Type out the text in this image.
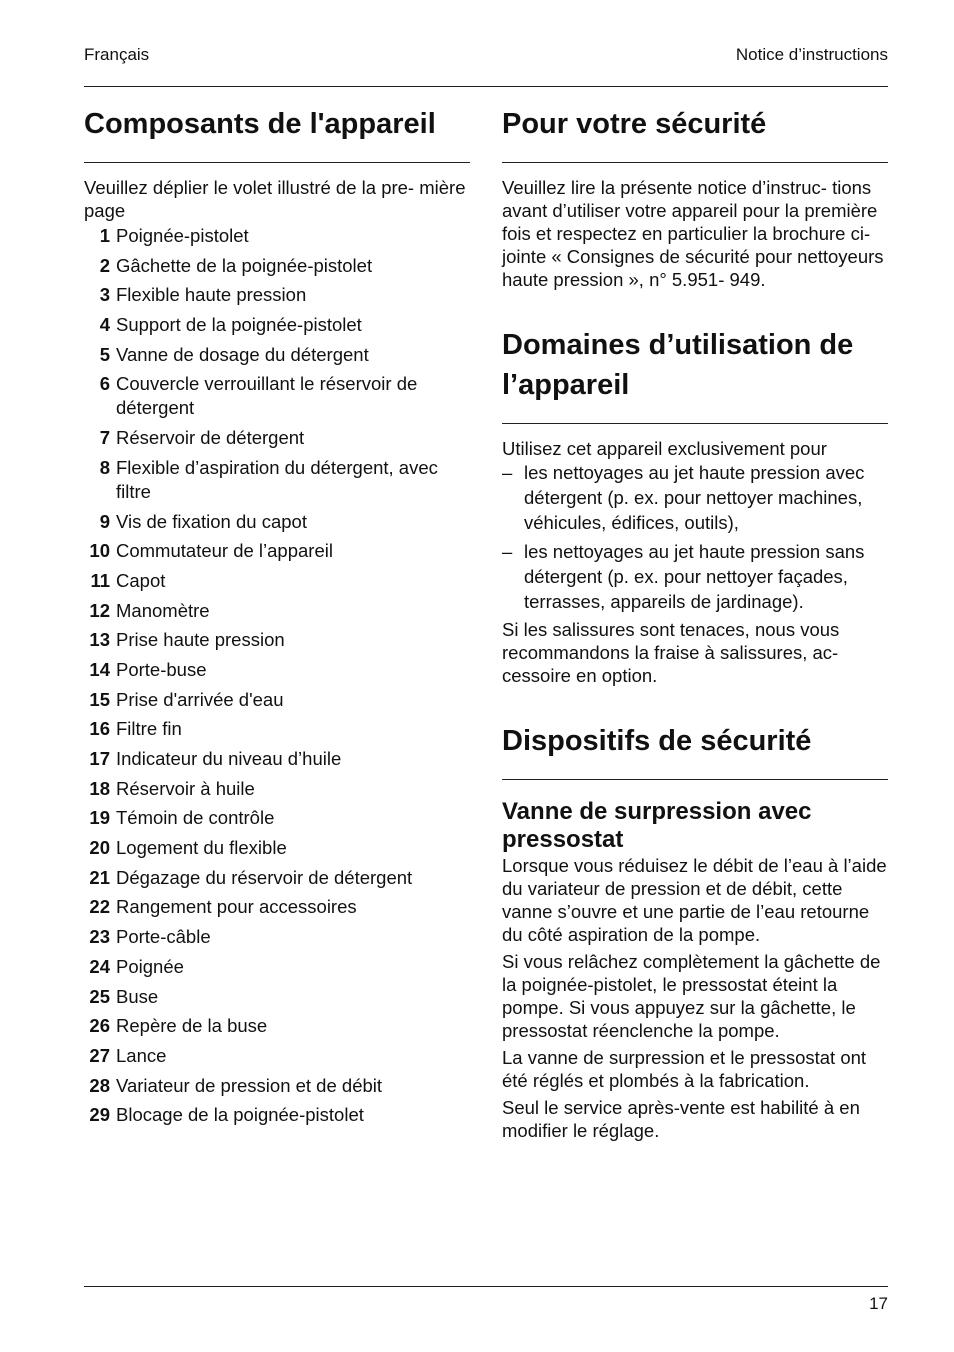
Français	Notice d’instructions
Composants de l'appareil

Veuillez déplier le volet illustré de la pre- mière page

1 Poignée-pistolet
2 Gâchette de la poignée-pistolet
3 Flexible haute pression
4 Support de la poignée-pistolet
5 Vanne de dosage du détergent
6 Couvercle verrouillant le réservoir de détergent
7 Réservoir de détergent
8 Flexible d’aspiration du détergent, avec filtre
9 Vis de fixation du capot
10 Commutateur de l’appareil
11 Capot
12 Manomètre
13 Prise haute pression
14 Porte-buse
15 Prise d'arrivée d'eau
16 Filtre fin
17 Indicateur du niveau d’huile
18 Réservoir à huile
19 Témoin de contrôle
20 Logement du flexible
21 Dégazage du réservoir de détergent
22 Rangement pour accessoires
23 Porte-câble
24 Poignée
25 Buse
26 Repère de la buse
27 Lance
28 Variateur de pression et de débit
29 Blocage de la poignée-pistolet
Pour votre sécurité

Veuillez lire la présente notice d’instruc- tions avant d’utiliser votre appareil pour la première fois et respectez en particulier la brochure ci-jointe « Consignes de sécurité pour nettoyeurs haute pression », n° 5.951- 949.

Domaines d’utilisation de l’appareil

Utilisez cet appareil exclusivement pour

– les nettoyages au jet haute pression avec détergent (p. ex. pour nettoyer machines, véhicules, édifices, outils),
– les nettoyages au jet haute pression sans détergent (p. ex. pour nettoyer façades, terrasses, appareils de jardinage).

Si les salissures sont tenaces, nous vous recommandons la fraise à salissures, ac- cessoire en option.

Dispositifs de sécurité
Vanne de surpression avec pressostat

Lorsque vous réduisez le débit de l’eau à l’aide du variateur de pression et de débit, cette vanne s’ouvre et une partie de l’eau retourne du côté aspiration de la pompe.

Si vous relâchez complètement la gâchette de la poignée-pistolet, le pressostat éteint la pompe. Si vous appuyez sur la gâchette, le pressostat réenclenche la pompe.

La vanne de surpression et le pressostat ont été réglés et plombés à la fabrication.

Seul le service après-vente est habilité à en modifier le réglage.

17
